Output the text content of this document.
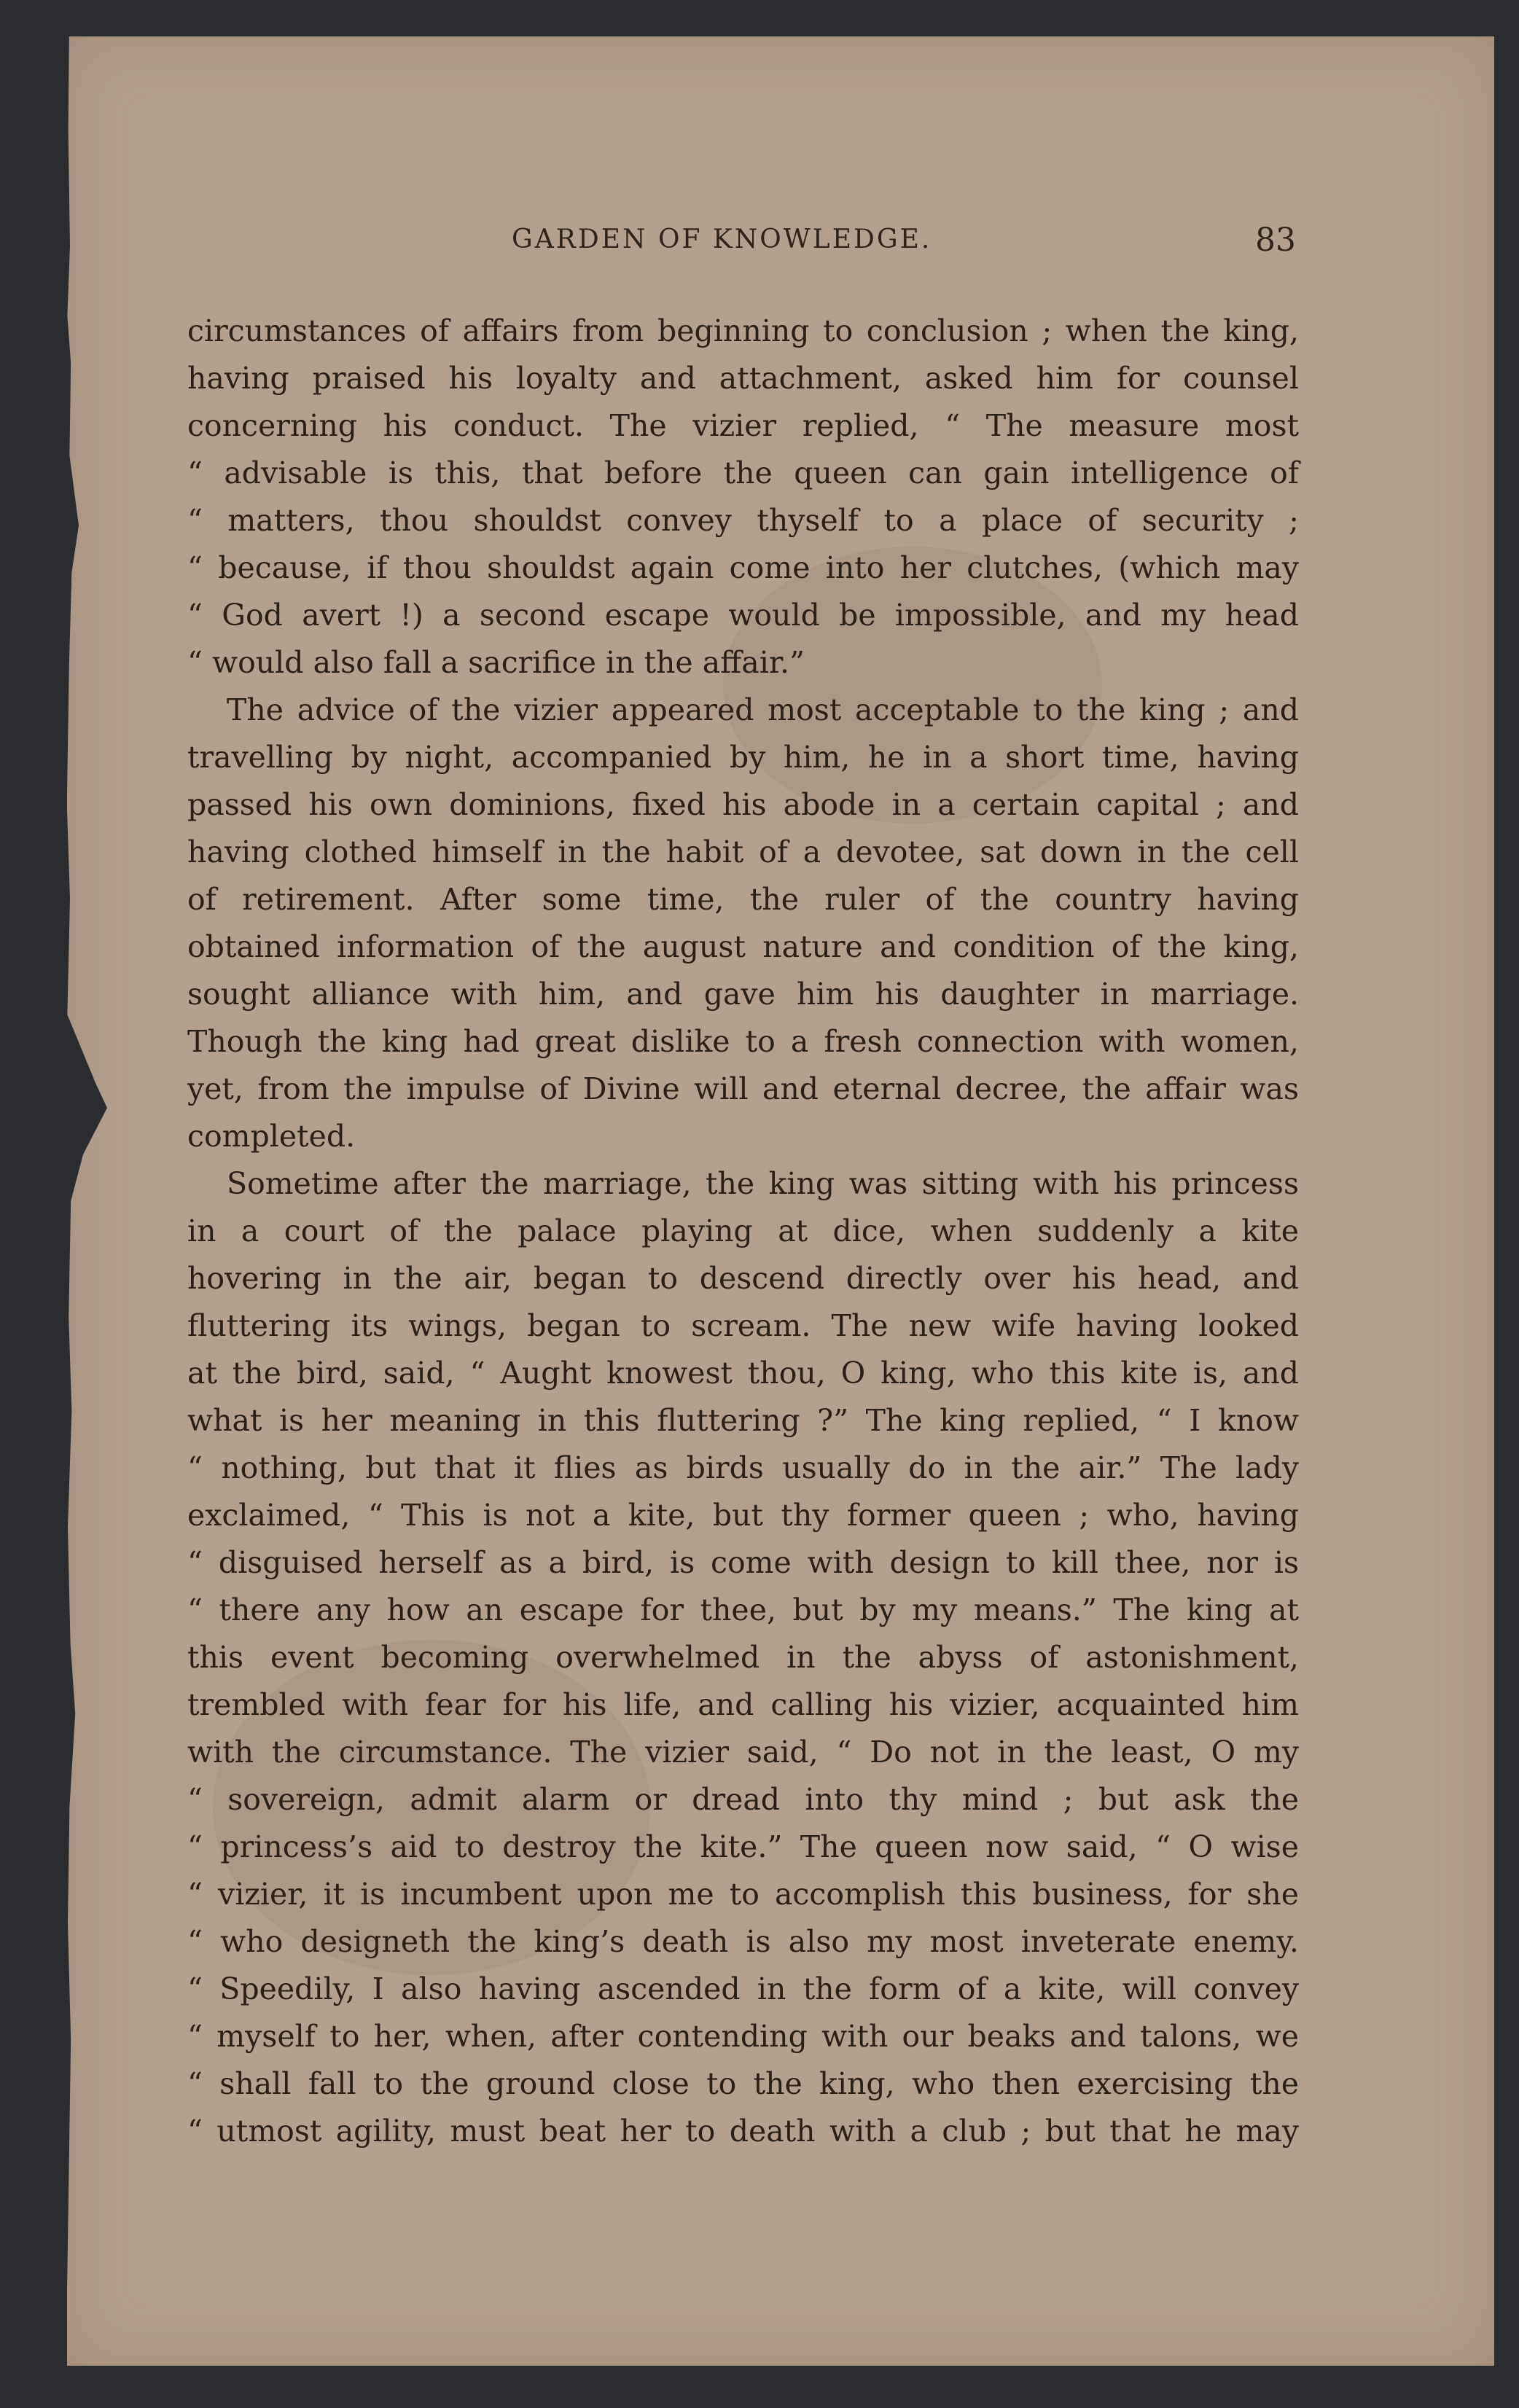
GARDEN OF KNOWLEDGE.	83
circumstances of affairs from beginning to conclusion ; when the king,
having praised his loyalty and attachment, asked him for counsel
concerning his conduct. The vizier replied, “ The measure most
“ advisable is this, that before the queen can gain intelligence of
“ matters, thou shouldst convey thyself to a place of security ;
“ because, if thou shouldst again come into her clutches, (which may
“ God avert !) a second escape would be impossible, and my head
“ would also fall a sacrifice in the affair.”
The advice of the vizier appeared most acceptable to the king ; and
travelling by night, accompanied by him, he in a short time, having
passed his own dominions, fixed his abode in a certain capital ; and
having clothed himself in the habit of a devotee, sat down in the cell
of retirement. After some time, the ruler of the country having
obtained information of the august nature and condition of the king,
sought alliance with him, and gave him his daughter in marriage.
Though the king had great dislike to a fresh connection with women,
yet, from the impulse of Divine will and eternal decree, the affair was
completed.
Sometime after the marriage, the king was sitting with his princess
in a court of the palace playing at dice, when suddenly a kite
hovering in the air, began to descend directly over his head, and
fluttering its wings, began to scream. The new wife having looked
at the bird, said, “ Aught knowest thou, O king, who this kite is, and
what is her meaning in this fluttering ?” The king replied, “ I know
“ nothing, but that it flies as birds usually do in the air.” The lady
exclaimed, “ This is not a kite, but thy former queen ; who, having
“ disguised herself as a bird, is come with design to kill thee, nor is
“ there any how an escape for thee, but by my means.” The king at
this event becoming overwhelmed in the abyss of astonishment,
trembled with fear for his life, and calling his vizier, acquainted him
with the circumstance. The vizier said, “ Do not in the least, O my
“ sovereign, admit alarm or dread into thy mind ; but ask the
“ princess’s aid to destroy the kite.” The queen now said, “ O wise
“ vizier, it is incumbent upon me to accomplish this business, for she
“ who designeth the king’s death is also my most inveterate enemy.
“ Speedily, I also having ascended in the form of a kite, will convey
“ myself to her, when, after contending with our beaks and talons, we
“ shall fall to the ground close to the king, who then exercising the
“ utmost agility, must beat her to death with a club ; but that he may
